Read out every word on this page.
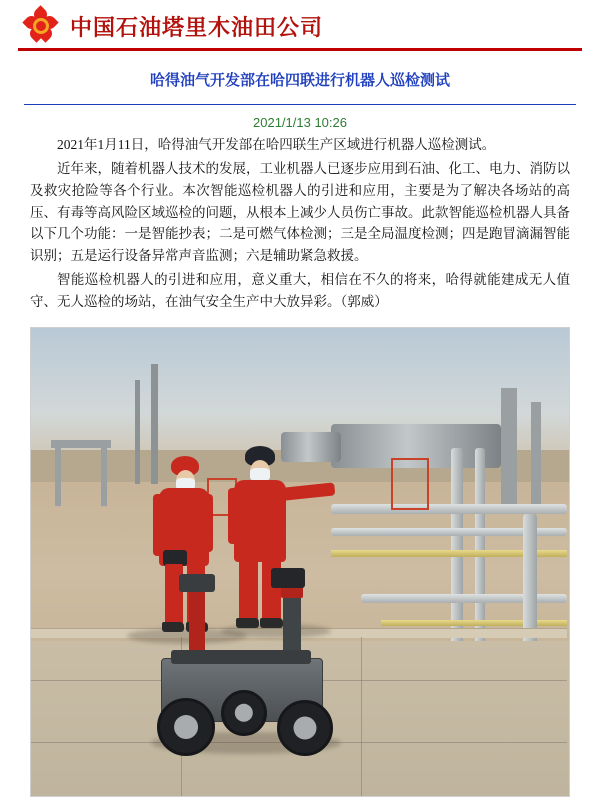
中国石油塔里木油田公司
哈得油气开发部在哈四联进行机器人巡检测试
2021/1/13 10:26

2021年1月11日，哈得油气开发部在哈四联生产区域进行机器人巡检测试。

近年来，随着机器人技术的发展，工业机器人已逐步应用到石油、化工、电力、消防以及救灾抢险等各个行业。本次智能巡检机器人的引进和应用，主要是为了解决各场站的高压、有毒等高风险区域巡检的问题，从根本上减少人员伤亡事故。此款智能巡检机器人具备以下几个功能：一是智能抄表；二是可燃气体检测；三是全局温度检测；四是跑冒滴漏智能识别；五是运行设备异常声音监测；六是辅助紧急救援。

智能巡检机器人的引进和应用，意义重大，相信在不久的将来，哈得就能建成无人值守、无人巡检的场站，在油气安全生产中大放异彩。（郭威）
